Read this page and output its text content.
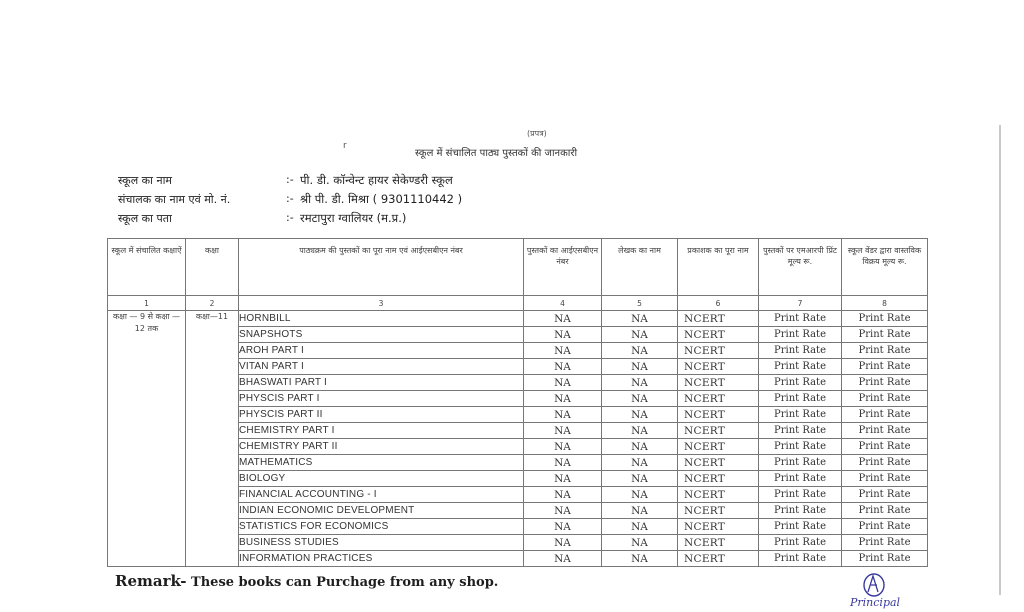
(प्रपत्र)
r
स्कूल में संचालित पाठ्य पुस्तकों की जानकारी
स्कूल का नाम	:- पी. डी. कॉन्वेन्ट हायर सेकेण्डरी स्कूल
संचालक का नाम एवं मो. नं.	:- श्री पी. डी. मिश्रा ( 9301110442 )
स्कूल का पता	:- रमटापुरा ग्वालियर (म.प्र.)
स्कूल में संचालित कक्षाऐं	कक्षा	पाठ्यक्रम की पुस्तकों का पूरा नाम एवं आईएसबीएन नंबर	पुस्तकों का आईएसबीएन नंबर	लेखक का नाम	प्रकाशक का पूरा नाम	पुस्तकों पर एमआरपी प्रिंट मूल्य रू.	स्कूल वेंडर द्वारा वास्तविक विक्रय मूल्य रू.
1	2	3	4	5	6	7	8
कक्षा — 9 से कक्षा — 12 तक	कक्षा—11	HORNBILL	NA	NA	NCERT	Print Rate	Print Rate
		SNAPSHOTS	NA	NA	NCERT	Print Rate	Print Rate
		AROH PART I	NA	NA	NCERT	Print Rate	Print Rate
		VITAN PART I	NA	NA	NCERT	Print Rate	Print Rate
		BHASWATI PART I	NA	NA	NCERT	Print Rate	Print Rate
		PHYSCIS PART I	NA	NA	NCERT	Print Rate	Print Rate
		PHYSCIS PART II	NA	NA	NCERT	Print Rate	Print Rate
		CHEMISTRY PART I	NA	NA	NCERT	Print Rate	Print Rate
		CHEMISTRY PART II	NA	NA	NCERT	Print Rate	Print Rate
		MATHEMATICS	NA	NA	NCERT	Print Rate	Print Rate
		BIOLOGY	NA	NA	NCERT	Print Rate	Print Rate
		FINANCIAL ACCOUNTING - I	NA	NA	NCERT	Print Rate	Print Rate
		INDIAN ECONOMIC DEVELOPMENT	NA	NA	NCERT	Print Rate	Print Rate
		STATISTICS FOR ECONOMICS	NA	NA	NCERT	Print Rate	Print Rate
		BUSINESS STUDIES	NA	NA	NCERT	Print Rate	Print Rate
		INFORMATION PRACTICES	NA	NA	NCERT	Print Rate	Print Rate
Remark- These books can Purchage from any shop.
Principal
